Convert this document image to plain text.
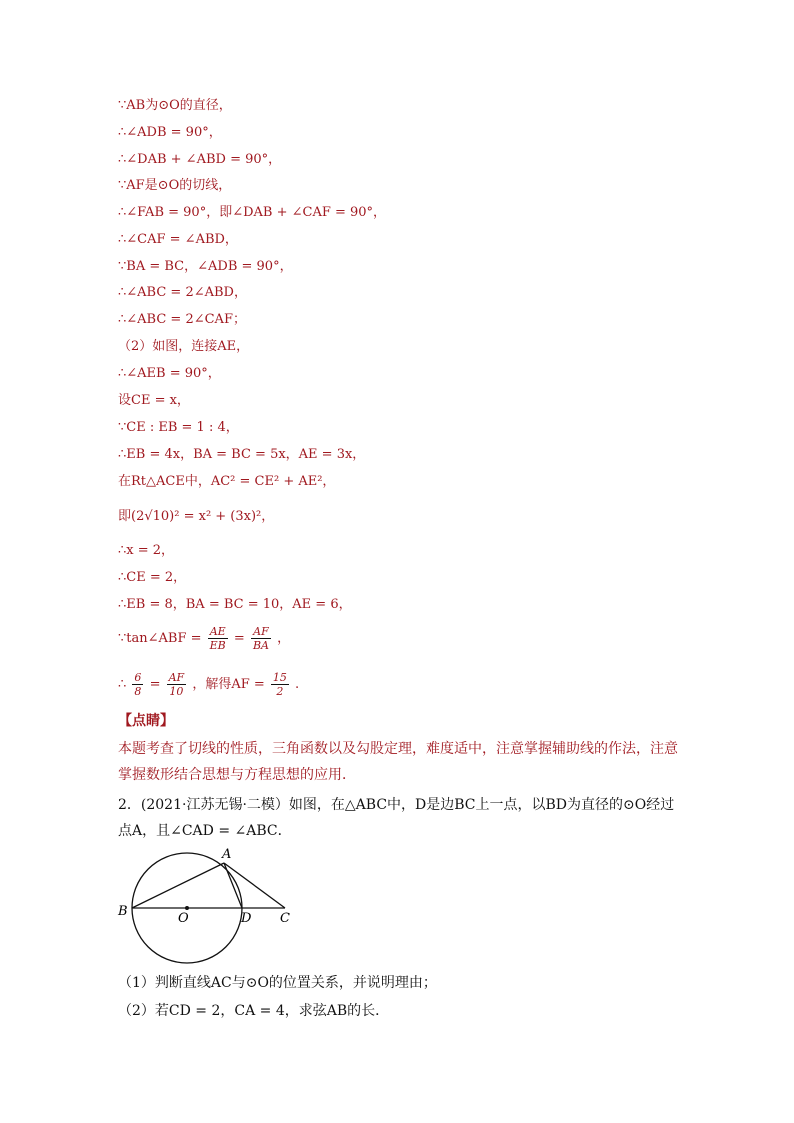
∵AB为⊙O的直径，
∴∠ADB = 90°，
∴∠DAB + ∠ABD = 90°，
∵AF是⊙O的切线，
∴∠FAB = 90°，即∠DAB + ∠CAF = 90°，
∴∠CAF = ∠ABD，
∵BA = BC，∠ADB = 90°，
∴∠ABC = 2∠ABD，
∴∠ABC = 2∠CAF；
（2）如图，连接AE，
∴∠AEB = 90°，
设CE = x，
∵CE : EB = 1 : 4，
∴EB = 4x，BA = BC = 5x，AE = 3x，
在Rt△ACE中，AC² = CE² + AE²，
即(2√10)² = x² + (3x)²，
∴x = 2，
∴CE = 2，
∴EB = 8，BA = BC = 10，AE = 6，
∵tan∠ABF = $\frac{AE}{EB} = \frac{AF}{BA}$ ，
∴ $\frac{6}{8} = \frac{AF}{10}$ ，解得AF = $\frac{15}{2}$ .
【点睛】
本题考查了切线的性质，三角函数以及勾股定理，难度适中，注意掌握辅助线的作法，注意掌握数形结合思想与方程思想的应用．
2．(2021·江苏无锡·二模）如图，在△ABC中，D是边BC上一点，以BD为直径的⊙O经过点A，且∠CAD = ∠ABC．
A
B	O	D C
（1）判断直线AC与⊙O的位置关系，并说明理由；
（2）若CD = 2，CA = 4，求弦AB的长．
